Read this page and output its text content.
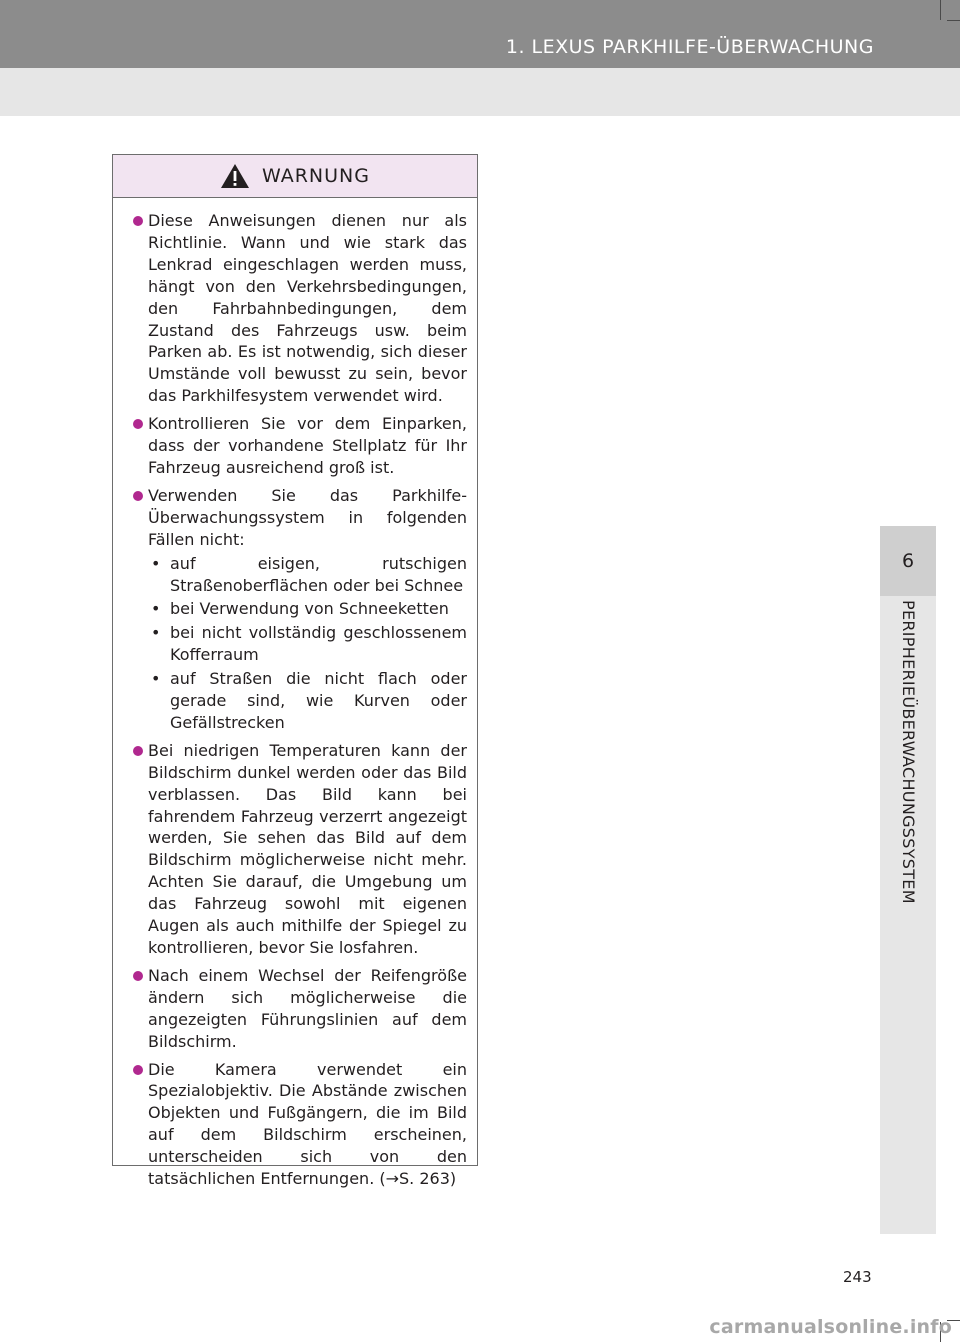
1. LEXUS PARKHILFE-ÜBERWACHUNG
6
PERIPHERIEÜBERWACHUNGSSYSTEM
WARNUNG
Diese Anweisungen dienen nur als Richtlinie. Wann und wie stark das Lenkrad eingeschlagen werden muss, hängt von den Verkehrsbedingungen, den Fahrbahnbedingungen, dem Zustand des Fahrzeugs usw. beim Parken ab. Es ist notwendig, sich dieser Umstände voll bewusst zu sein, bevor das Parkhilfesystem verwendet wird.
Kontrollieren Sie vor dem Einparken, dass der vorhandene Stellplatz für Ihr Fahrzeug ausreichend groß ist.
Verwenden Sie das Parkhilfe-Überwachungssystem in folgenden Fällen nicht:
• auf eisigen, rutschigen Straßenoberflächen oder bei Schnee
• bei Verwendung von Schneeketten
• bei nicht vollständig geschlossenem Kofferraum
• auf Straßen die nicht flach oder gerade sind, wie Kurven oder Gefällstrecken
Bei niedrigen Temperaturen kann der Bildschirm dunkel werden oder das Bild verblassen. Das Bild kann bei fahrendem Fahrzeug verzerrt angezeigt werden, Sie sehen das Bild auf dem Bildschirm möglicherweise nicht mehr. Achten Sie darauf, die Umgebung um das Fahrzeug sowohl mit eigenen Augen als auch mithilfe der Spiegel zu kontrollieren, bevor Sie losfahren.
Nach einem Wechsel der Reifengröße ändern sich möglicherweise die angezeigten Führungslinien auf dem Bildschirm.
Die Kamera verwendet ein Spezialobjektiv. Die Abstände zwischen Objekten und Fußgängern, die im Bild auf dem Bildschirm erscheinen, unterscheiden sich von den tatsächlichen Entfernungen. (→S. 263)
243
carmanualsonline.info
